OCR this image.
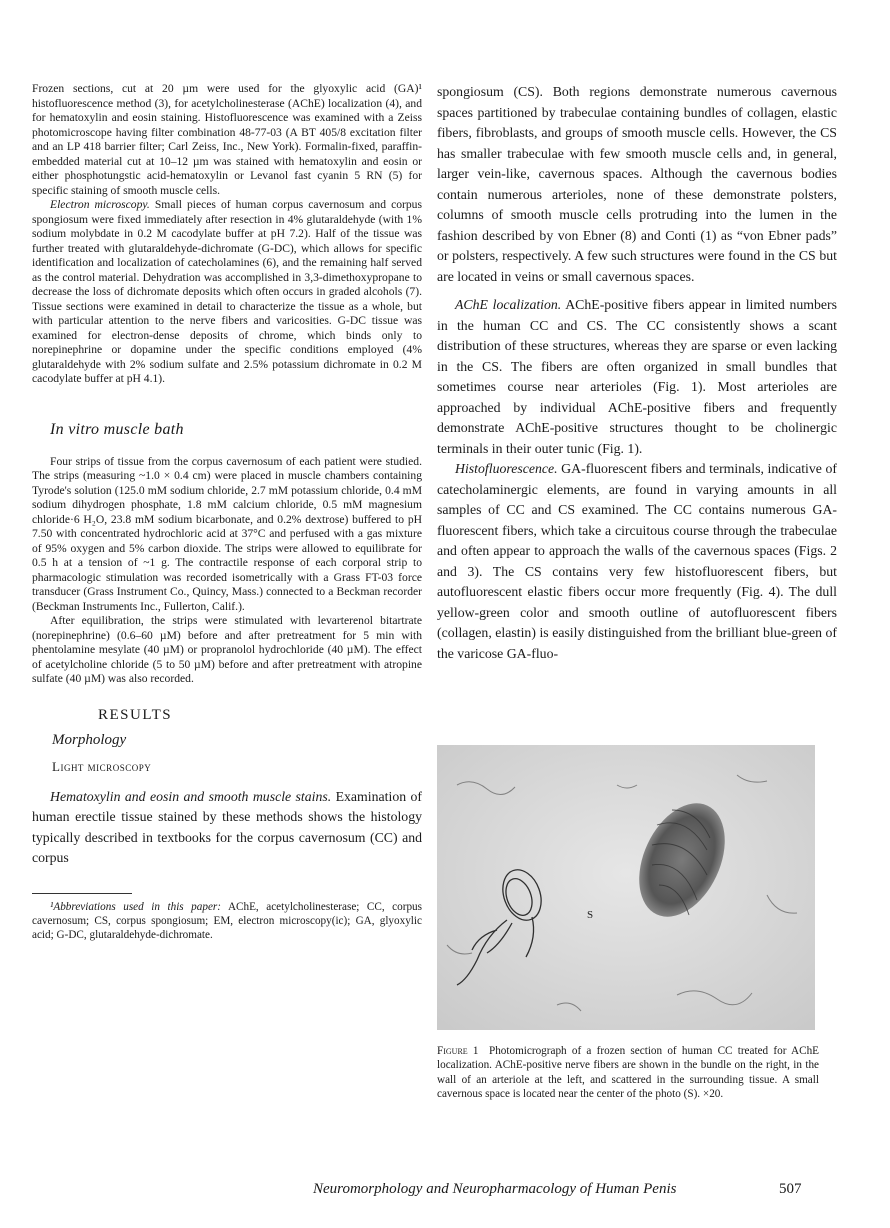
Frozen sections, cut at 20 µm were used for the glyoxylic acid (GA)¹ histofluorescence method (3), for acetylcholinesterase (AChE) localization (4), and for hematoxylin and eosin staining. Histofluorescence was examined with a Zeiss photomicroscope having filter combination 48-77-03 (A BT 405/8 excitation filter and an LP 418 barrier filter; Carl Zeiss, Inc., New York). Formalin-fixed, paraffin-embedded material cut at 10–12 µm was stained with hematoxylin and eosin or either phosphotungstic acid-hematoxylin or Levanol fast cyanin 5 RN (5) for specific staining of smooth muscle cells.

Electron microscopy. Small pieces of human corpus cavernosum and corpus spongiosum were fixed immediately after resection in 4% glutaraldehyde (with 1% sodium molybdate in 0.2 M cacodylate buffer at pH 7.2). Half of the tissue was further treated with glutaraldehyde-dichromate (G-DC), which allows for specific identification and localization of catecholamines (6), and the remaining half served as the control material. Dehydration was accomplished in 3,3-dimethoxypropane to decrease the loss of dichromate deposits which often occurs in graded alcohols (7). Tissue sections were examined in detail to characterize the tissue as a whole, but with particular attention to the nerve fibers and varicosities. G-DC tissue was examined for electron-dense deposits of chrome, which binds only to norepinephrine or dopamine under the specific conditions employed (4% glutaraldehyde with 2% sodium sulfate and 2.5% potassium dichromate in 0.2 M cacodylate buffer at pH 4.1).

In vitro muscle bath

Four strips of tissue from the corpus cavernosum of each patient were studied. The strips (measuring ~1.0 × 0.4 cm) were placed in muscle chambers containing Tyrode's solution (125.0 mM sodium chloride, 2.7 mM potassium chloride, 0.4 mM sodium dihydrogen phosphate, 1.8 mM calcium chloride, 0.5 mM magnesium chloride·6 H₂O, 23.8 mM sodium bicarbonate, and 0.2% dextrose) buffered to pH 7.50 with concentrated hydrochloric acid at 37°C and perfused with a gas mixture of 95% oxygen and 5% carbon dioxide. The strips were allowed to equilibrate for 0.5 h at a tension of ~1 g. The contractile response of each corporal strip to pharmacologic stimulation was recorded isometrically with a Grass FT-03 force transducer (Grass Instrument Co., Quincy, Mass.) connected to a Beckman recorder (Beckman Instruments Inc., Fullerton, Calif.).

After equilibration, the strips were stimulated with levarterenol bitartrate (norepinephrine) (0.6–60 µM) before and after pretreatment for 5 min with phentolamine mesylate (40 µM) or propranolol hydrochloride (40 µM). The effect of acetylcholine chloride (5 to 50 µM) before and after pretreatment with atropine sulfate (40 µM) was also recorded.

RESULTS
Morphology
Light microscopy

Hematoxylin and eosin and smooth muscle stains. Examination of human erectile tissue stained by these methods shows the histology typically described in textbooks for the corpus cavernosum (CC) and corpus

¹Abbreviations used in this paper: AChE, acetylcholinesterase; CC, corpus cavernosum; CS, corpus spongiosum; EM, electron microscopy(ic); GA, glyoxylic acid; G-DC, glutaraldehyde-dichromate.

spongiosum (CS). Both regions demonstrate numerous cavernous spaces partitioned by trabeculae containing bundles of collagen, elastic fibers, fibroblasts, and groups of smooth muscle cells. However, the CS has smaller trabeculae with few smooth muscle cells and, in general, larger vein-like, cavernous spaces. Although the cavernous bodies contain numerous arterioles, none of these demonstrate polsters, columns of smooth muscle cells protruding into the lumen in the fashion described by von Ebner (8) and Conti (1) as “von Ebner pads” or polsters, respectively. A few such structures were found in the CS but are located in veins or small cavernous spaces.

AChE localization. AChE-positive fibers appear in limited numbers in the human CC and CS. The CC consistently shows a scant distribution of these structures, whereas they are sparse or even lacking in the CS. The fibers are often organized in small bundles that sometimes course near arterioles (Fig. 1). Most arterioles are approached by individual AChE-positive fibers and frequently demonstrate AChE-positive structures thought to be cholinergic terminals in their outer tunic (Fig. 1).

Histofluorescence. GA-fluorescent fibers and terminals, indicative of catecholaminergic elements, are found in varying amounts in all samples of CC and CS examined. The CC contains numerous GA-fluorescent fibers, which take a circuitous course through the trabeculae and often appear to approach the walls of the cavernous spaces (Figs. 2 and 3). The CS contains very few histofluorescent fibers, but autofluorescent elastic fibers occur more frequently (Fig. 4). The dull yellow-green color and smooth outline of autofluorescent fibers (collagen, elastin) is easily distinguished from the brilliant blue-green of the varicose GA-fluo-

S

Figure 1 Photomicrograph of a frozen section of human CC treated for AChE localization. AChE-positive nerve fibers are shown in the bundle on the right, in the wall of an arteriole at the left, and scattered in the surrounding tissue. A small cavernous space is located near the center of the photo (S). ×20.

Neuromorphology and Neuropharmacology of Human Penis	507
